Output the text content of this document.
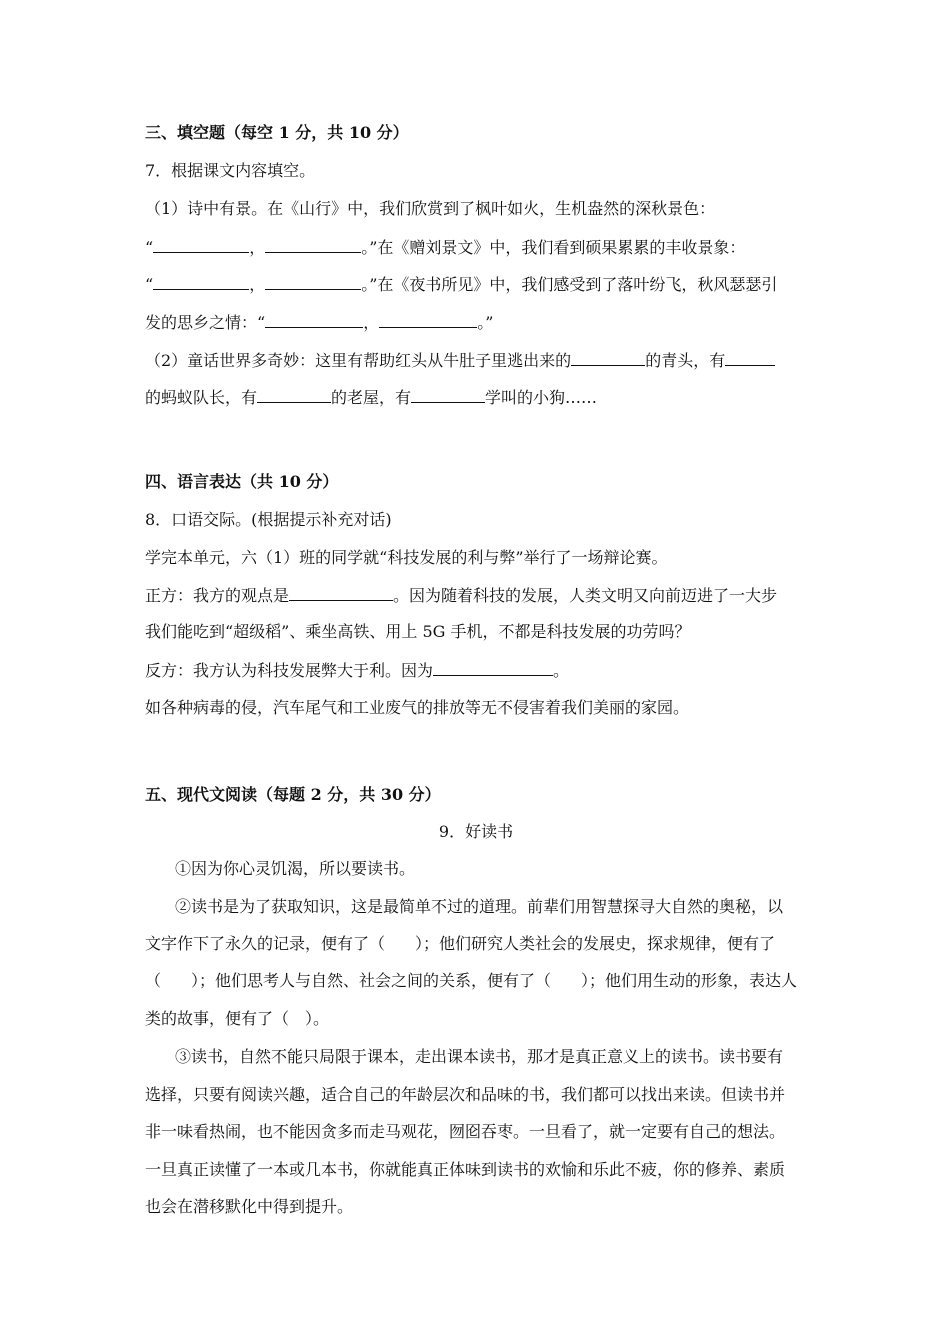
三、填空题（每空 1 分，共 10 分）
7．根据课文内容填空。
（1）诗中有景。在《山行》中，我们欣赏到了枫叶如火，生机盎然的深秋景色：
“	，	。”在《赠刘景文》中，我们看到硕果累累的丰收景象：
“	，	。”在《夜书所见》中，我们感受到了落叶纷飞，秋风瑟瑟引
发的思乡之情：“	，	。”
（2）童话世界多奇妙：这里有帮助红头从牛肚子里逃出来的	的青头，有
的蚂蚁队长，有	的老屋，有	学叫的小狗……
四、语言表达（共 10 分）
8．口语交际。(根据提示补充对话)
学完本单元，六（1）班的同学就“科技发展的利与弊”举行了一场辩论赛。
正方：我方的观点是	。因为随着科技的发展，人类文明又向前迈进了一大步
我们能吃到“超级稻”、乘坐高铁、用上 5G 手机，不都是科技发展的功劳吗？
反方：我方认为科技发展弊大于利。因为	。
如各种病毒的侵，汽车尾气和工业废气的排放等无不侵害着我们美丽的家园。
五、现代文阅读（每题 2 分，共 30 分）
9．好读书
①因为你心灵饥渴，所以要读书。
②读书是为了获取知识，这是最简单不过的道理。前辈们用智慧探寻大自然的奥秘，以
文字作下了永久的记录，便有了（ ）；他们研究人类社会的发展史，探求规律，便有了
（ ）；他们思考人与自然、社会之间的关系，便有了（ ）；他们用生动的形象，表达人
类的故事，便有了（ ）。
③读书，自然不能只局限于课本，走出课本读书，那才是真正意义上的读书。读书要有
选择，只要有阅读兴趣，适合自己的年龄层次和品味的书，我们都可以找出来读。但读书并
非一味看热闹，也不能因贪多而走马观花，囫囵吞枣。一旦看了，就一定要有自己的想法。
一旦真正读懂了一本或几本书，你就能真正体味到读书的欢愉和乐此不疲，你的修养、素质
也会在潜移默化中得到提升。
